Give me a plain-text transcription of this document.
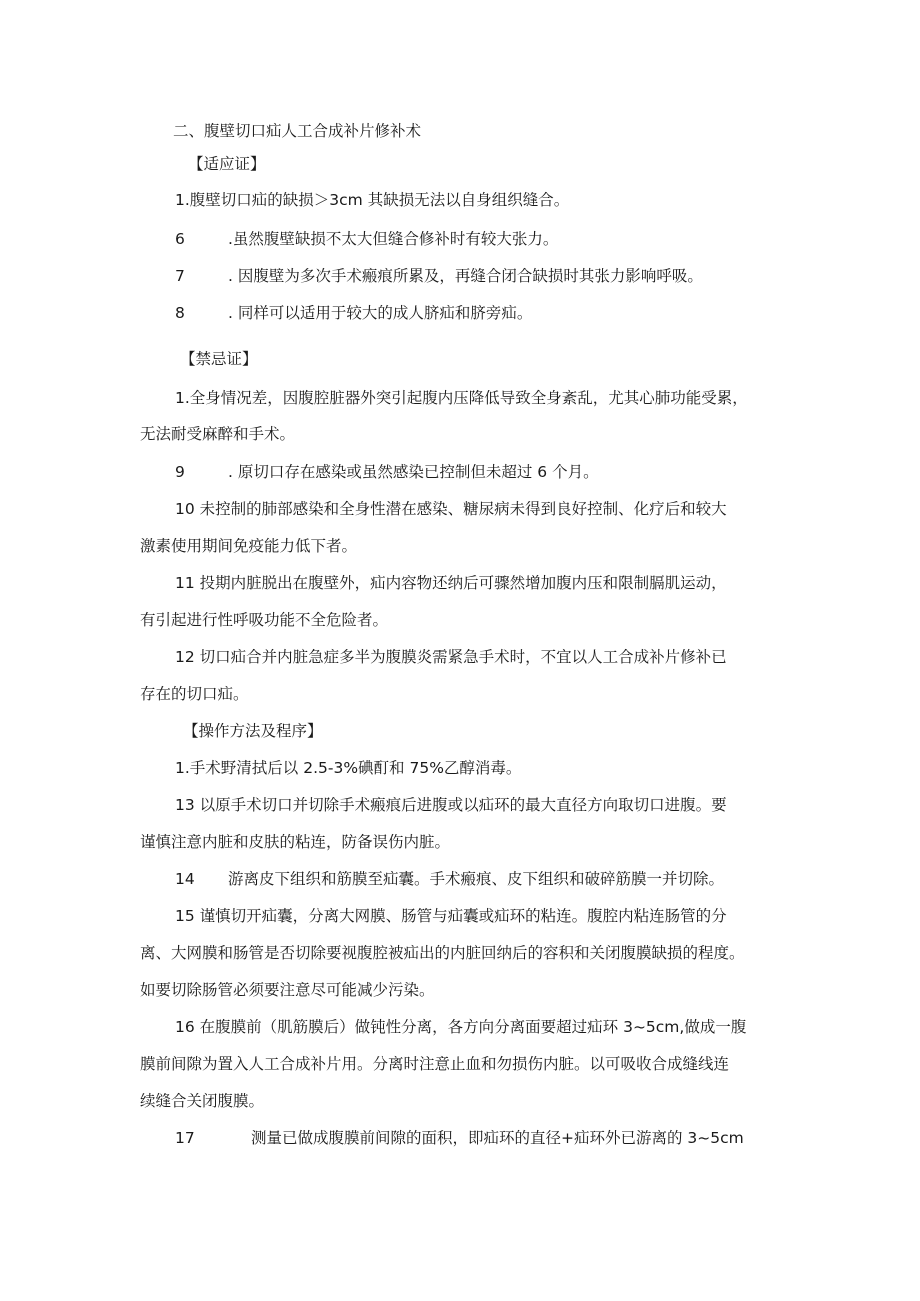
二、腹壁切口疝人工合成补片修补术

【适应证】

1.腹壁切口疝的缺损＞3cm 其缺损无法以自身组织缝合。

6	.虽然腹壁缺损不太大但缝合修补时有较大张力。

7	. 因腹壁为多次手术瘢痕所累及，再缝合闭合缺损时其张力影响呼吸。

8	. 同样可以适用于较大的成人脐疝和脐旁疝。

【禁忌证】

1.全身情况差，因腹腔脏器外突引起腹内压降低导致全身紊乱，尤其心肺功能受累，

无法耐受麻醉和手术。

9	. 原切口存在感染或虽然感染已控制但未超过 6 个月。

10 未控制的肺部感染和全身性潜在感染、糖尿病未得到良好控制、化疗后和较大

激素使用期间免疫能力低下者。

11 投期内脏脱出在腹壁外，疝内容物还纳后可骤然增加腹内压和限制膈肌运动，

有引起进行性呼吸功能不全危险者。

12 切口疝合并内脏急症多半为腹膜炎需紧急手术时，不宜以人工合成补片修补已

存在的切口疝。

【操作方法及程序】

1.手术野清拭后以 2.5-3%碘酊和 75%乙醇消毒。

13 以原手术切口并切除手术瘢痕后进腹或以疝环的最大直径方向取切口进腹。要

谨慎注意内脏和皮肤的粘连，防备误伤内脏。

14 游离皮下组织和筋膜至疝囊。手术瘢痕、皮下组织和破碎筋膜一并切除。

15 谨慎切开疝囊，分离大网膜、肠管与疝囊或疝环的粘连。腹腔内粘连肠管的分

离、大网膜和肠管是否切除要视腹腔被疝出的内脏回纳后的容积和关闭腹膜缺损的程度。

如要切除肠管必须要注意尽可能减少污染。

16 在腹膜前（肌筋膜后）做钝性分离，各方向分离面要超过疝环 3~5cm,做成一腹

膜前间隙为置入人工合成补片用。分离时注意止血和勿损伤内脏。以可吸收合成缝线连

续缝合关闭腹膜。

17	测量已做成腹膜前间隙的面积，即疝环的直径+疝环外已游离的 3~5cm
